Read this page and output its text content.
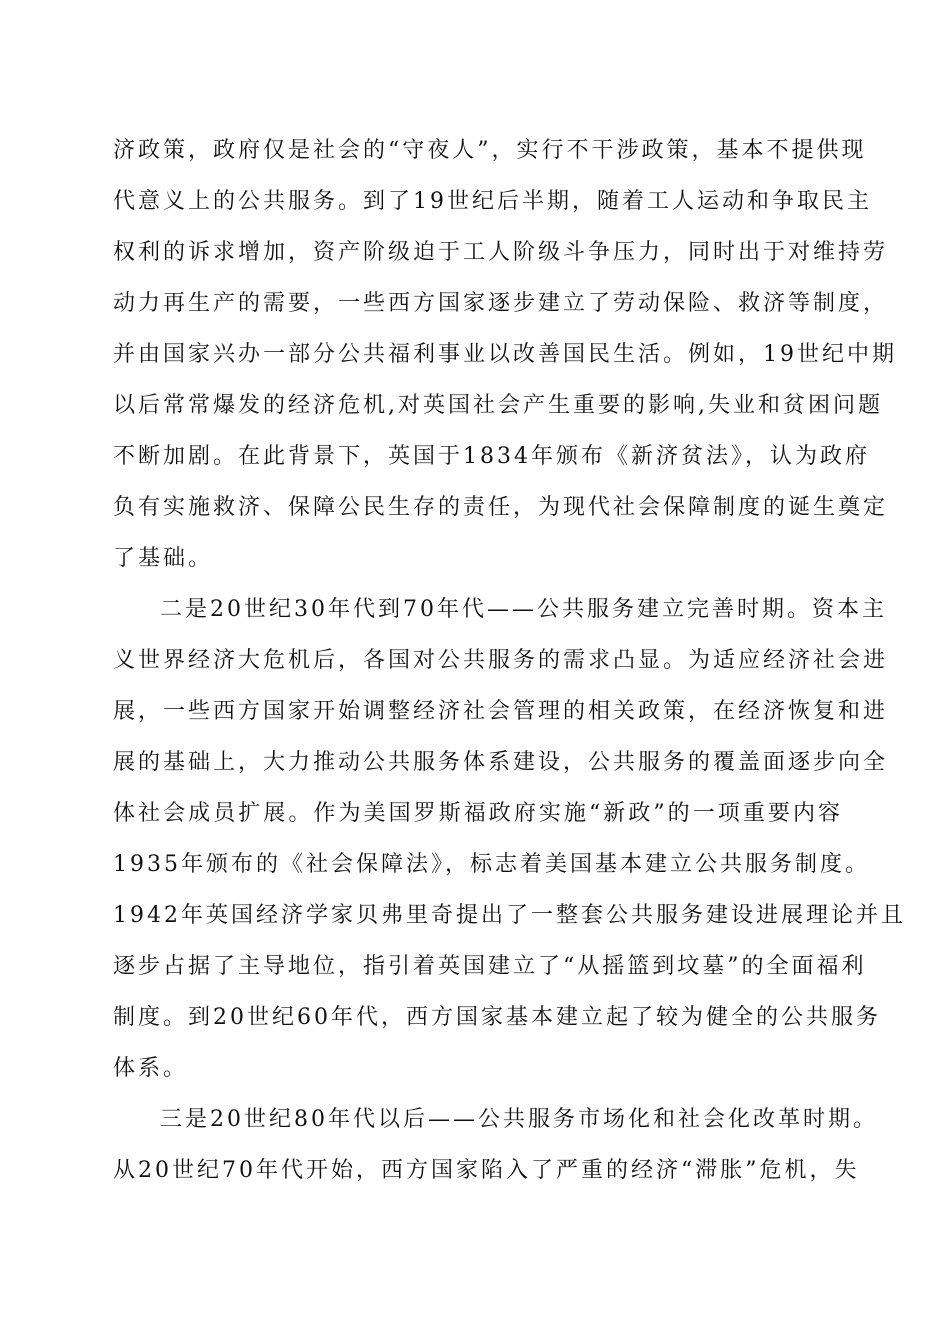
济政策，政府仅是社会的“守夜人”，实行不干涉政策，基本不提供现
代意义上的公共服务。到了19世纪后半期，随着工人运动和争取民主
权利的诉求增加，资产阶级迫于工人阶级斗争压力，同时出于对维持劳
动力再生产的需要，一些西方国家逐步建立了劳动保险、救济等制度，
并由国家兴办一部分公共福利事业以改善国民生活。例如，19世纪中期
以后常常爆发的经济危机,对英国社会产生重要的影响,失业和贫困问题
不断加剧。在此背景下，英国于1834年颁布《新济贫法》，认为政府
负有实施救济、保障公民生存的责任，为现代社会保障制度的诞生奠定
了基础。
二是20世纪30年代到70年代——公共服务建立完善时期。资本主
义世界经济大危机后，各国对公共服务的需求凸显。为适应经济社会进
展，一些西方国家开始调整经济社会管理的相关政策，在经济恢复和进
展的基础上，大力推动公共服务体系建设，公共服务的覆盖面逐步向全
体社会成员扩展。作为美国罗斯福政府实施“新政”的一项重要内容
1935年颁布的《社会保障法》，标志着美国基本建立公共服务制度。
1942年英国经济学家贝弗里奇提出了一整套公共服务建设进展理论并且
逐步占据了主导地位，指引着英国建立了“从摇篮到坟墓”的全面福利
制度。到20世纪60年代，西方国家基本建立起了较为健全的公共服务
体系。
三是20世纪80年代以后——公共服务市场化和社会化改革时期。
从20世纪70年代开始，西方国家陷入了严重的经济“滞胀”危机，失
